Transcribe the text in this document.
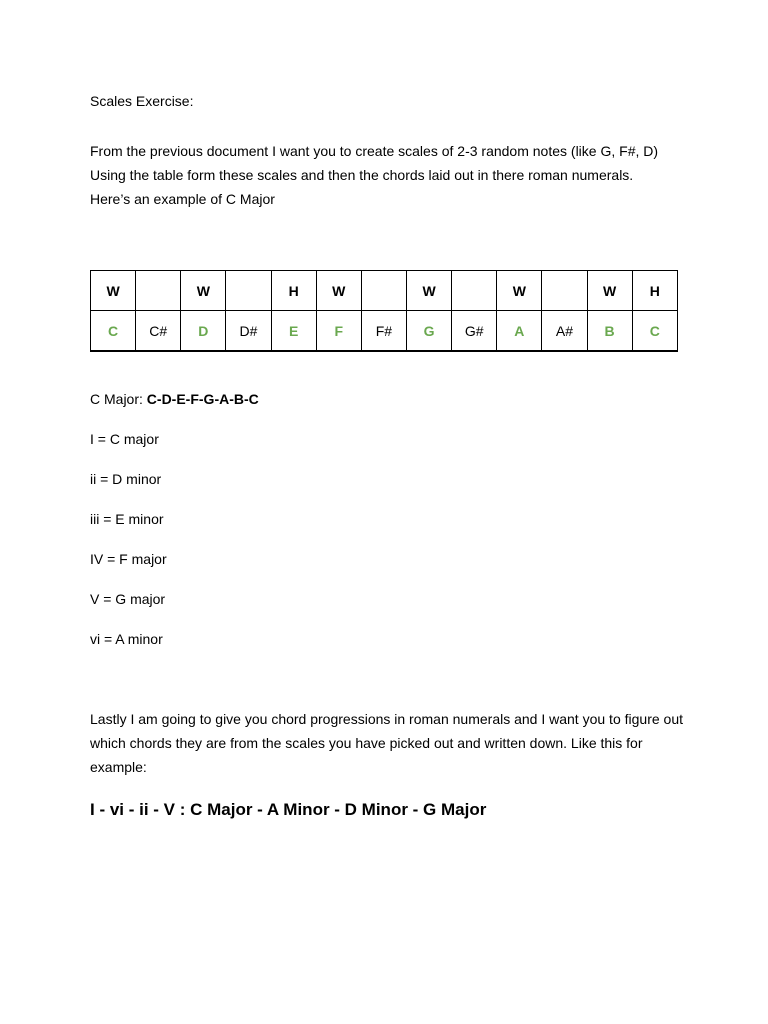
Scales Exercise:
From the previous document I want you to create scales of 2-3 random notes (like G, F#, D)
Using the table form these scales and then the chords laid out in there roman numerals.
Here’s an example of C Major
W		W		H	W		W		W		W	H
C	C#	D	D#	E	F	F#	G	G#	A	A#	B	C
C Major: C-D-E-F-G-A-B-C
I = C major
ii = D minor
iii = E minor
IV = F major
V = G major
vi = A minor
Lastly I am going to give you chord progressions in roman numerals and I want you to figure out
which chords they are from the scales you have picked out and written down. Like this for
example:
I - vi - ii - V : C Major - A Minor - D Minor - G Major
